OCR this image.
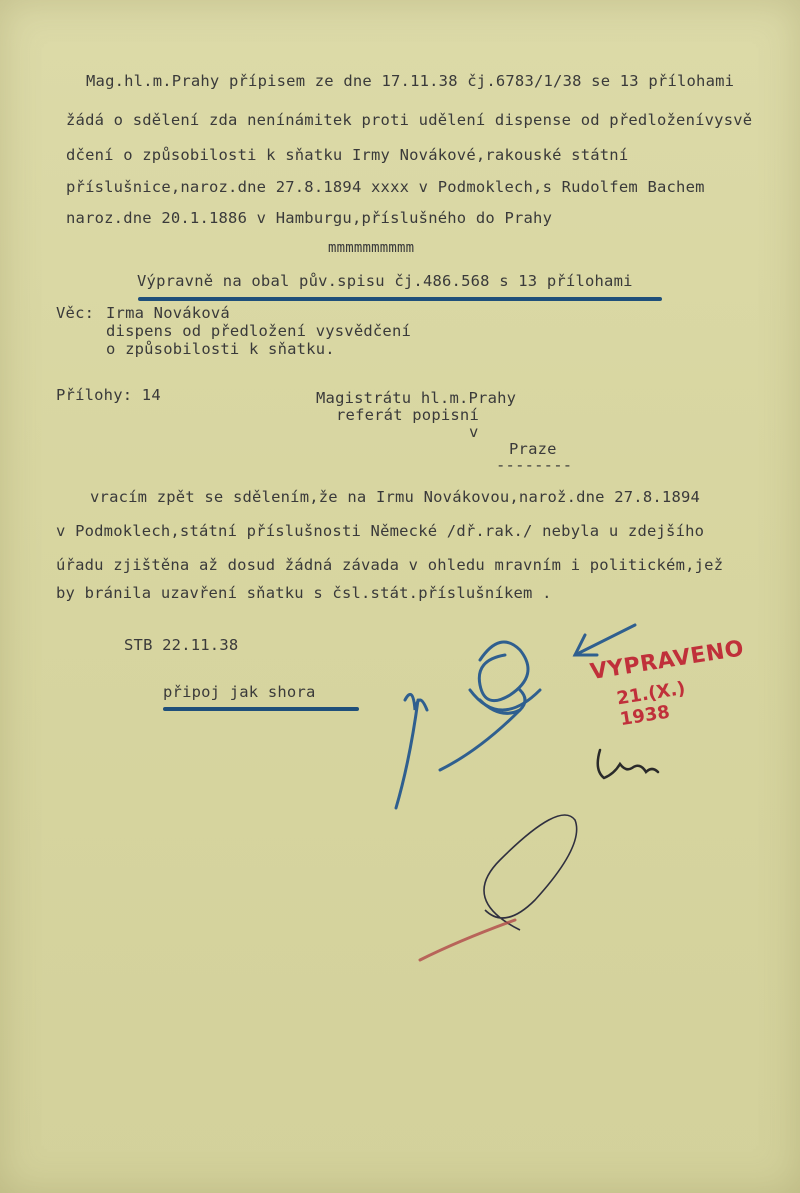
Mag.hl.m.Prahy přípisem ze dne 17.11.38 čj.6783/1/38 se 13 přílohami
žádá o sdělení zda nenínámitek proti udělení dispense od předloženívysvě
dčení o způsobilosti k sňatku Irmy Novákové,rakouské státní
příslušnice,naroz.dne 27.8.1894 xxxx v Podmoklech,s Rudolfem Bachem
naroz.dne 20.1.1886 v Hamburgu,příslušného do Prahy
mmmmmmmmmm
Výpravně na obal pův.spisu čj.486.568 s 13 přílohami
Věc: Irma Nováková
dispens od předložení vysvědčení
o způsobilosti k sňatku.
Přílohy: 14	Magistrátu hl.m.Prahy
referát popisní
v
Praze
--------
vracím zpět se sdělením,že na Irmu Novákovou,narož.dne 27.8.1894
v Podmoklech,státní příslušnosti Německé /dř.rak./ nebyla u zdejšího
úřadu zjištěna až dosud žádná závada v ohledu mravním i politickém,jež
by bránila uzavření sňatku s čsl.stát.příslušníkem .
STB 22.11.38
připoj jak shora
VYPRAVENO
21.(X.) 1938
